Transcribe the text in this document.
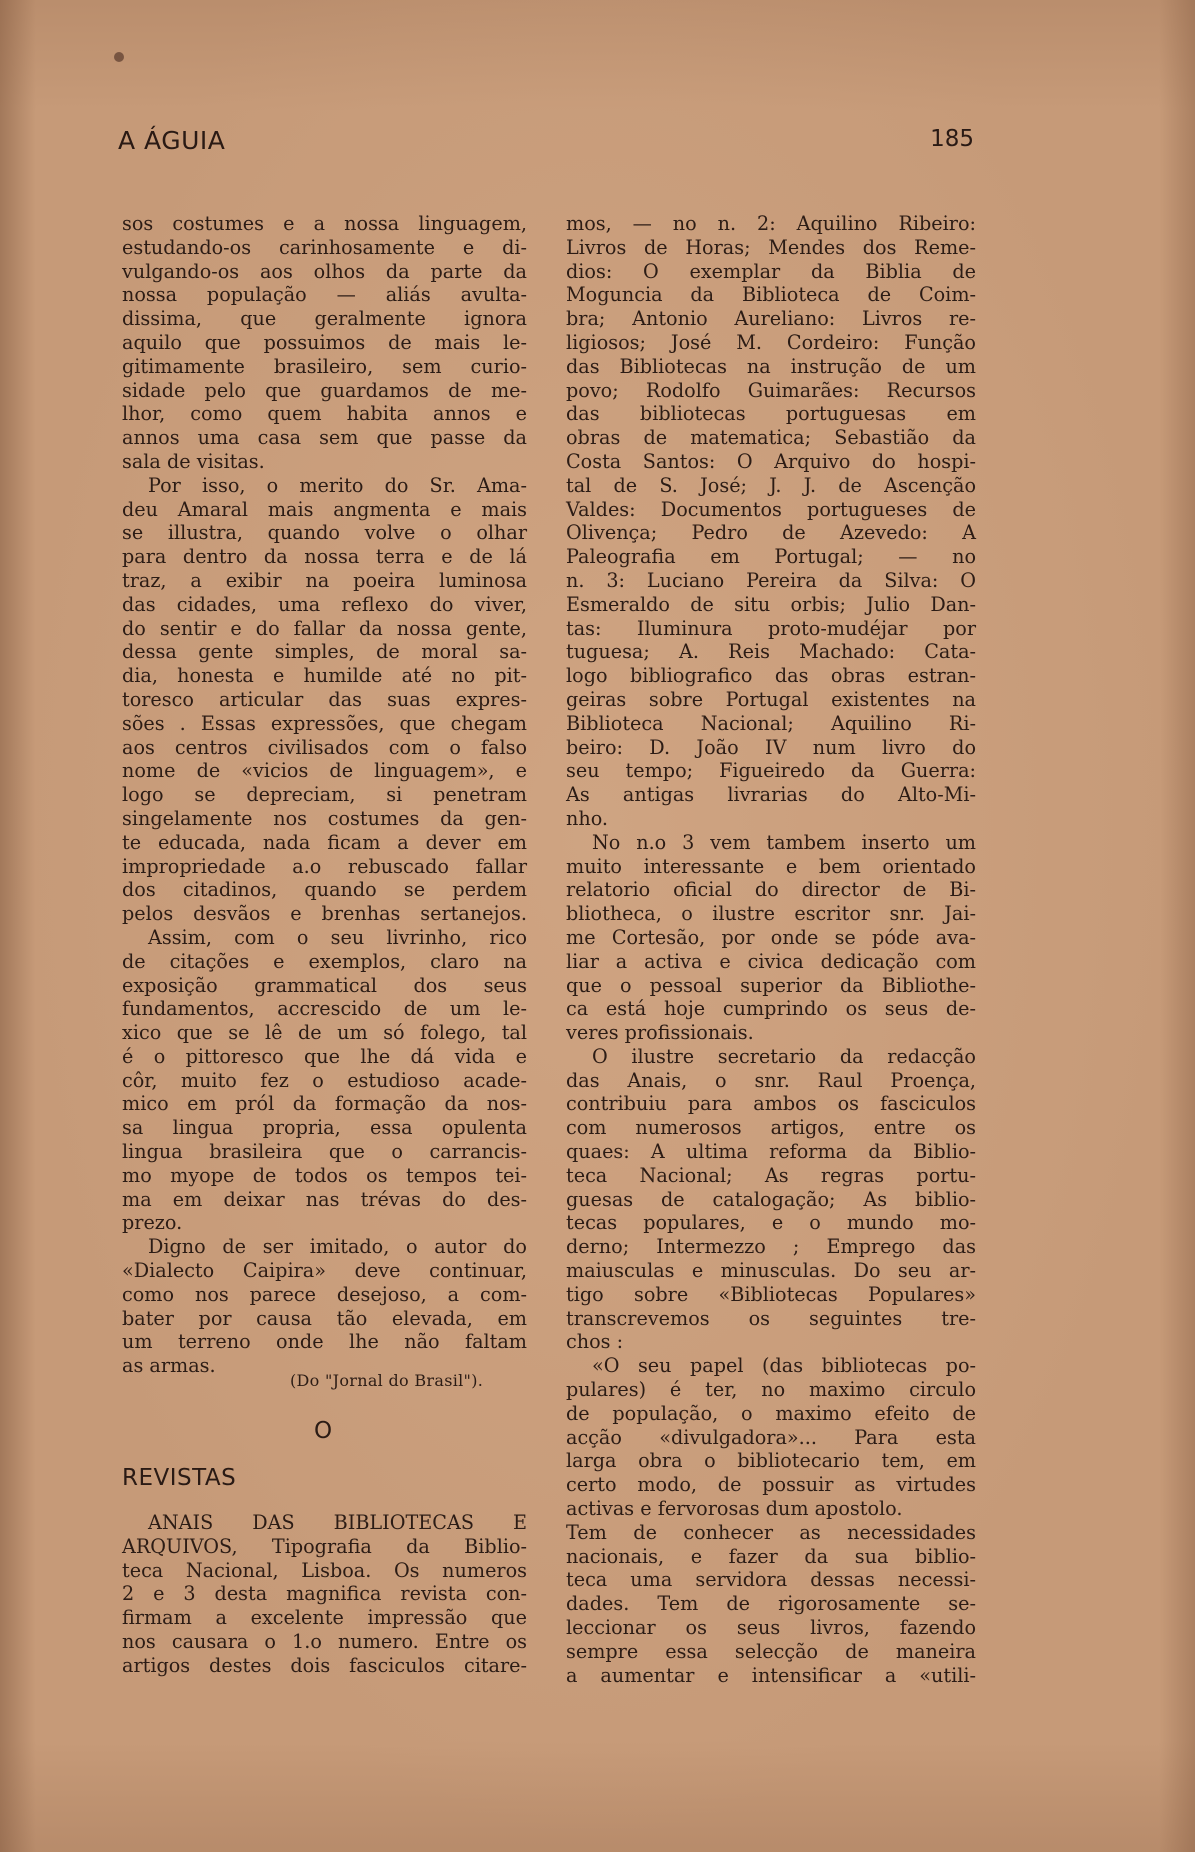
A ÁGUIA	185
sos costumes e a nossa linguagem,
estudando-os carinhosamente e di-
vulgando-os aos olhos da parte da
nossa população — aliás avulta-
dissima, que geralmente ignora
aquilo que possuimos de mais le-
gitimamente brasileiro, sem curio-
sidade pelo que guardamos de me-
lhor, como quem habita annos e
annos uma casa sem que passe da
sala de visitas.
Por isso, o merito do Sr. Ama-
deu Amaral mais angmenta e mais
se illustra, quando volve o olhar
para dentro da nossa terra e de lá
traz, a exibir na poeira luminosa
das cidades, uma reflexo do viver,
do sentir e do fallar da nossa gente,
dessa gente simples, de moral sa-
dia, honesta e humilde até no pit-
toresco articular das suas expres-
sões . Essas expressões, que chegam
aos centros civilisados com o falso
nome de «vicios de linguagem», e
logo se depreciam, si penetram
singelamente nos costumes da gen-
te educada, nada ficam a dever em
impropriedade a.o rebuscado fallar
dos citadinos, quando se perdem
pelos desvãos e brenhas sertanejos.
Assim, com o seu livrinho, rico
de citações e exemplos, claro na
exposição grammatical dos seus
fundamentos, accrescido de um le-
xico que se lê de um só folego, tal
é o pittoresco que lhe dá vida e
côr, muito fez o estudioso acade-
mico em pról da formação da nos-
sa lingua propria, essa opulenta
lingua brasileira que o carrancis-
mo myope de todos os tempos tei-
ma em deixar nas trévas do des-
prezo.
Digno de ser imitado, o autor do
«Dialecto Caipira» deve continuar,
como nos parece desejoso, a com-
bater por causa tão elevada, em
um terreno onde lhe não faltam
as armas.
(Do "Jornal do Brasil").
O
REVISTAS
ANAIS DAS BIBLIOTECAS E
ARQUIVOS, Tipografia da Biblio-
teca Nacional, Lisboa. Os numeros
2 e 3 desta magnifica revista con-
firmam a excelente impressão que
nos causara o 1.o numero. Entre os
artigos destes dois fasciculos citare-
mos, — no n. 2: Aquilino Ribeiro:
Livros de Horas; Mendes dos Reme-
dios: O exemplar da Biblia de
Moguncia da Biblioteca de Coim-
bra; Antonio Aureliano: Livros re-
ligiosos; José M. Cordeiro: Função
das Bibliotecas na instrução de um
povo; Rodolfo Guimarães: Recursos
das bibliotecas portuguesas em
obras de matematica; Sebastião da
Costa Santos: O Arquivo do hospi-
tal de S. José; J. J. de Ascenção
Valdes: Documentos portugueses de
Olivença; Pedro de Azevedo: A
Paleografia em Portugal; — no
n. 3: Luciano Pereira da Silva: O
Esmeraldo de situ orbis; Julio Dan-
tas: Iluminura proto-mudéjar por
tuguesa; A. Reis Machado: Cata-
logo bibliografico das obras estran-
geiras sobre Portugal existentes na
Biblioteca Nacional; Aquilino Ri-
beiro: D. João IV num livro do
seu tempo; Figueiredo da Guerra:
As antigas livrarias do Alto-Mi-
nho.
No n.o 3 vem tambem inserto um
muito interessante e bem orientado
relatorio oficial do director de Bi-
bliotheca, o ilustre escritor snr. Jai-
me Cortesão, por onde se póde ava-
liar a activa e civica dedicação com
que o pessoal superior da Bibliothe-
ca está hoje cumprindo os seus de-
veres profissionais.
O ilustre secretario da redacção
das Anais, o snr. Raul Proença,
contribuiu para ambos os fasciculos
com numerosos artigos, entre os
quaes: A ultima reforma da Biblio-
teca Nacional; As regras portu-
guesas de catalogação; As biblio-
tecas populares, e o mundo mo-
derno; Intermezzo ; Emprego das
maiusculas e minusculas. Do seu ar-
tigo sobre «Bibliotecas Populares»
transcrevemos os seguintes tre-
chos :
«O seu papel (das bibliotecas po-
pulares) é ter, no maximo circulo
de população, o maximo efeito de
acção «divulgadora»... Para esta
larga obra o bibliotecario tem, em
certo modo, de possuir as virtudes
activas e fervorosas dum apostolo.
Tem de conhecer as necessidades
nacionais, e fazer da sua biblio-
teca uma servidora dessas necessi-
dades. Tem de rigorosamente se-
leccionar os seus livros, fazendo
sempre essa selecção de maneira
a aumentar e intensificar a «utili-
